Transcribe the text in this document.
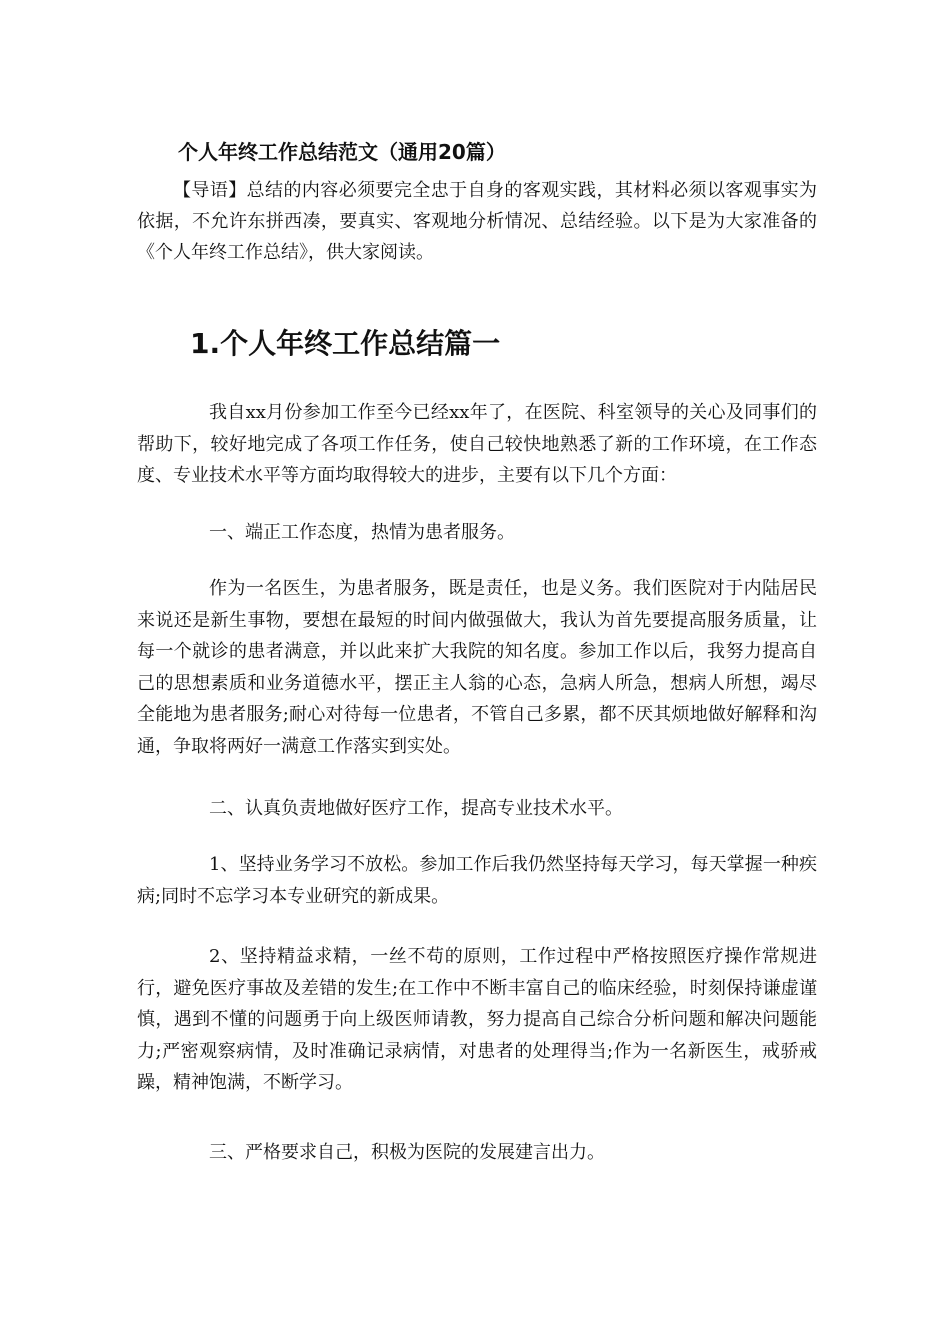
个人年终工作总结范文（通用20篇）

【导语】总结的内容必须要完全忠于自身的客观实践，其材料必须以客观事实为依据，不允许东拼西凑，要真实、客观地分析情况、总结经验。以下是为大家准备的《个人年终工作总结》，供大家阅读。

1.个人年终工作总结篇一

我自xx月份参加工作至今已经xx年了，在医院、科室领导的关心及同事们的帮助下，较好地完成了各项工作任务，使自己较快地熟悉了新的工作环境，在工作态度、专业技术水平等方面均取得较大的进步，主要有以下几个方面：

一、端正工作态度，热情为患者服务。

作为一名医生，为患者服务，既是责任，也是义务。我们医院对于内陆居民来说还是新生事物，要想在最短的时间内做强做大，我认为首先要提高服务质量，让每一个就诊的患者满意，并以此来扩大我院的知名度。参加工作以后，我努力提高自己的思想素质和业务道德水平，摆正主人翁的心态，急病人所急，想病人所想，竭尽全能地为患者服务;耐心对待每一位患者，不管自己多累，都不厌其烦地做好解释和沟通，争取将两好一满意工作落实到实处。

二、认真负责地做好医疗工作，提高专业技术水平。

1、坚持业务学习不放松。参加工作后我仍然坚持每天学习，每天掌握一种疾病;同时不忘学习本专业研究的新成果。

2、坚持精益求精，一丝不苟的原则，工作过程中严格按照医疗操作常规进行，避免医疗事故及差错的发生;在工作中不断丰富自己的临床经验，时刻保持谦虚谨慎，遇到不懂的问题勇于向上级医师请教，努力提高自己综合分析问题和解决问题能力;严密观察病情，及时准确记录病情，对患者的处理得当;作为一名新医生，戒骄戒躁，精神饱满，不断学习。

三、严格要求自己，积极为医院的发展建言出力。
